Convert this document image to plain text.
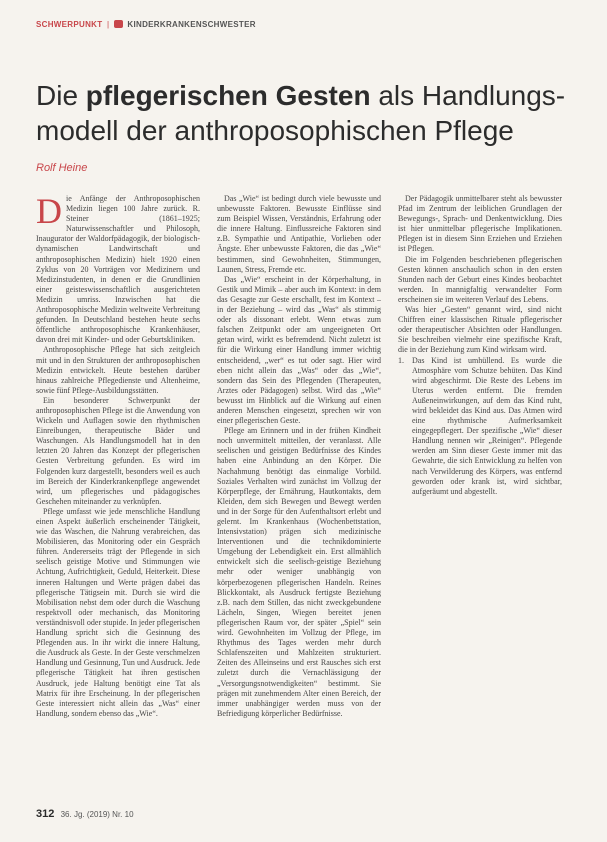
SCHWERPUNKT | KINDERKRANKENSCHWESTER
Die pflegerischen Gesten als Handlungs-modell der anthroposophischen Pflege
Rolf Heine

Die Anfänge der Anthroposophischen Medizin liegen 100 Jahre zurück. R. Steiner (1861–1925; Naturwissenschaftler und Philosoph, Inaugurator der Waldorfpädagogik, der biologisch-dynamischen Landwirtschaft und anthroposophischen Medizin) hielt 1920 einen Zyklus von 20 Vorträgen vor Medizinern und Medizinstudenten, in denen er die Grundlinien einer geisteswissenschaftlich ausgerichteten Medizin umriss. Inzwischen hat die Anthroposophische Medizin weltweite Verbreitung gefunden. In Deutschland bestehen heute sechs öffentliche anthroposophische Krankenhäuser, davon drei mit Kinder- und oder Geburtskliniken.

Anthroposophische Pflege hat sich zeitgleich mit und in den Strukturen der anthroposophischen Medizin entwickelt. Heute bestehen darüber hinaus zahlreiche Pflegedienste und Altenheime, sowie fünf Pflege-Ausbildungsstätten.

Ein besonderer Schwerpunkt der anthroposophischen Pflege ist die Anwendung von Wickeln und Auflagen sowie den rhythmischen Einreibungen, therapeutische Bäder und Waschungen. Als Handlungsmodell hat in den letzten 20 Jahren das Konzept der pflegerischen Gesten Verbreitung gefunden. Es wird im Folgenden kurz dargestellt, besonders weil es auch im Bereich der Kinderkrankenpflege angewendet wird, um pflegerisches und pädagogisches Geschehen miteinander zu verknüpfen.

Pflege umfasst wie jede menschliche Handlung einen Aspekt äußerlich erscheinender Tätigkeit, wie das Waschen, die Nahrung verabreichen, das Mobilisieren, das Monitoring oder ein Gespräch führen. Andererseits trägt der Pflegende in sich seelisch geistige Motive und Stimmungen wie Achtung, Aufrichtigkeit, Geduld, Heiterkeit. Diese inneren Haltungen und Werte prägen dabei das pflegerische Tätigsein mit. Durch sie wird die Mobilisation nebst dem oder durch die Waschung respektvoll oder mechanisch, das Monitoring verständnisvoll oder stupide. In jeder pflegerischen Handlung spricht sich die Gesinnung des Pflegenden aus. In ihr wirkt die innere Haltung, die Ausdruck als Geste. In der Geste verschmelzen Handlung und Gesinnung, Tun und Ausdruck. Jede pflegerische Tätigkeit hat ihren gestischen Ausdruck, jede Haltung benötigt eine Tat als Matrix für ihre Erscheinung. In der pflegerischen Geste interessiert nicht allein das „Was“ einer Handlung, sondern ebenso das „Wie“.

Das „Wie“ ist bedingt durch viele bewusste und unbewusste Faktoren. Bewusste Einflüsse sind zum Beispiel Wissen, Verständnis, Erfahrung oder die innere Haltung. Einflussreiche Faktoren sind z.B. Sympathie und Antipathie, Vorlieben oder Ängste. Eher unbewusste Faktoren, die das „Wie“ bestimmen, sind Gewohnheiten, Stimmungen, Launen, Stress, Fremde etc.

Das „Wie“ erscheint in der Körperhaltung, in Gestik und Mimik – aber auch im Kontext: in dem das Gesagte zur Geste erschallt, fest im Kontext – in der Beziehung – wird das „Was“ als stimmig oder als dissonant erlebt. Wenn etwas zum falschen Zeitpunkt oder am ungeeigneten Ort getan wird, wirkt es befremdend. Nicht zuletzt ist für die Wirkung einer Handlung immer wichtig entscheidend, „wer“ es tut oder sagt. Hier wird eben nicht allein das „Was“ oder das „Wie“, sondern das Sein des Pflegenden (Therapeuten, Arztes oder Pädagogen) selbst. Wird das „Wie“ bewusst im Hinblick auf die Wirkung auf einen anderen Menschen eingesetzt, sprechen wir von einer pflegerischen Geste.

Pflege am Erinnern und in der frühen Kindheit noch unvermittelt mitteilen, der veranlasst. Alle seelischen und geistigen Bedürfnisse des Kindes haben eine Anbindung an den Körper. Die Nachahmung benötigt das einmalige Vorbild. Soziales Verhalten wird zunächst im Vollzug der Körperpflege, der Ernährung, Hautkontakts, dem Kleiden, dem sich Bewegen und Bewegt werden und in der Sorge für den Aufenthaltsort erlebt und gelernt. Im Krankenhaus (Wochenbettstation, Intensivstation) prägen sich medizinische Interventionen und die technikdominierte Umgebung der Lebendigkeit ein. Erst allmählich entwickelt sich die seelisch-geistige Beziehung mehr oder weniger unabhängig von körperbezogenen pflegerischen Handeln. Reines Blickkontakt, als Ausdruck fertigste Beziehung z.B. nach dem Stillen, das nicht zweckgebundene Lächeln, Singen, Wiegen bereitet jenen pflegerischen Raum vor, der später „Spiel“ sein wird. Gewohnheiten im Vollzug der Pflege, im Rhythmus des Tages werden mehr durch Schlafenszeiten und Mahlzeiten strukturiert. Zeiten des Alleinseins und erst Rausches sich erst zuletzt durch die Vernachlässigung der „Versorgungsnotwendigkeiten“ bestimmt. Sie prägen mit zunehmendem Alter einen Bereich, der immer unabhängiger werden muss von der Befriedigung körperlicher Bedürfnisse.

Der Pädagogik unmittelbarer steht als bewusster Pfad im Zentrum der leiblichen Grundlagen der Bewegungs-, Sprach- und Denkentwicklung. Dies ist hier unmittelbar pflegerische Implikationen. Pflegen ist in diesem Sinn Erziehen und Erziehen ist Pflegen.

Die im Folgenden beschriebenen pflegerischen Gesten können anschaulich schon in den ersten Stunden nach der Geburt eines Kindes beobachtet werden. In mannigfaltig verwandelter Form erscheinen sie im weiteren Verlauf des Lebens.

Was hier „Gesten“ genannt wird, sind nicht Chiffren einer klassischen Rituale pflegerischer oder therapeutischer Absichten oder Handlungen. Sie beschreiben vielmehr eine spezifische Kraft, die in der Beziehung zum Kind wirksam wird.

1. Das Kind ist umhüllend. Es wurde die Atmosphäre vom Schutze behüten. Das Kind wird abgeschirmt. Die Reste des Lebens im Uterus werden entfernt. Die fremden Außeneinwirkungen, auf dem das Kind ruht, wird bekleidet das Kind aus. Das Atmen wird eine rhythmische Aufmerksamkeit eingegepflegert. Der spezifische „Wie“ dieser Handlung nennen wir „Reinigen“. Pflegende werden am Sinn dieser Geste immer mit das Gewahrte, die sich Entwicklung zu helfen von nach Verwilderung des Körpers, was entfernd geworden oder krank ist, wird sichtbar, aufgeräumt und abgestellt.
312 36. Jg. (2019) Nr. 10
